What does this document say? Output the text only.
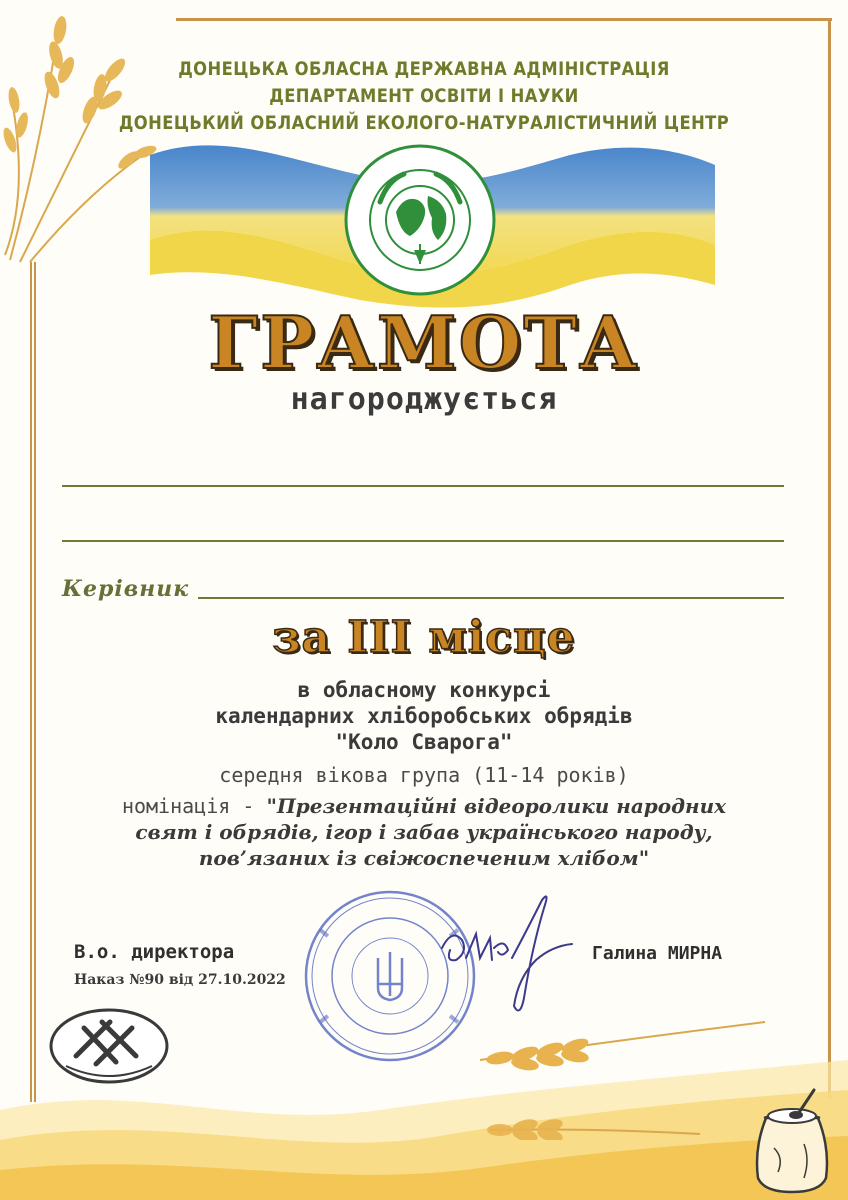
ДОНЕЦЬКА ОБЛАСНА ДЕРЖАВНА АДМІНІСТРАЦІЯ
ДЕПАРТАМЕНТ ОСВІТИ І НАУКИ
ДОНЕЦЬКИЙ ОБЛАСНИЙ ЕКОЛОГО-НАТУРАЛІСТИЧНИЙ ЦЕНТР
ГРАМОТА
нагороджується
Керівник
за ІІІ місце
в обласному конкурсі
календарних хліборобських обрядів
"Коло Сварога"
середня вікова група (11-14 років)
номінація - "Презентаційні відеоролики народних
свят і обрядів, ігор і забав українського народу,
пов’язаних із свіжоспеченим хлібом"
В.о. директора
Наказ №90 від 27.10.2022
Галина МИРНА
